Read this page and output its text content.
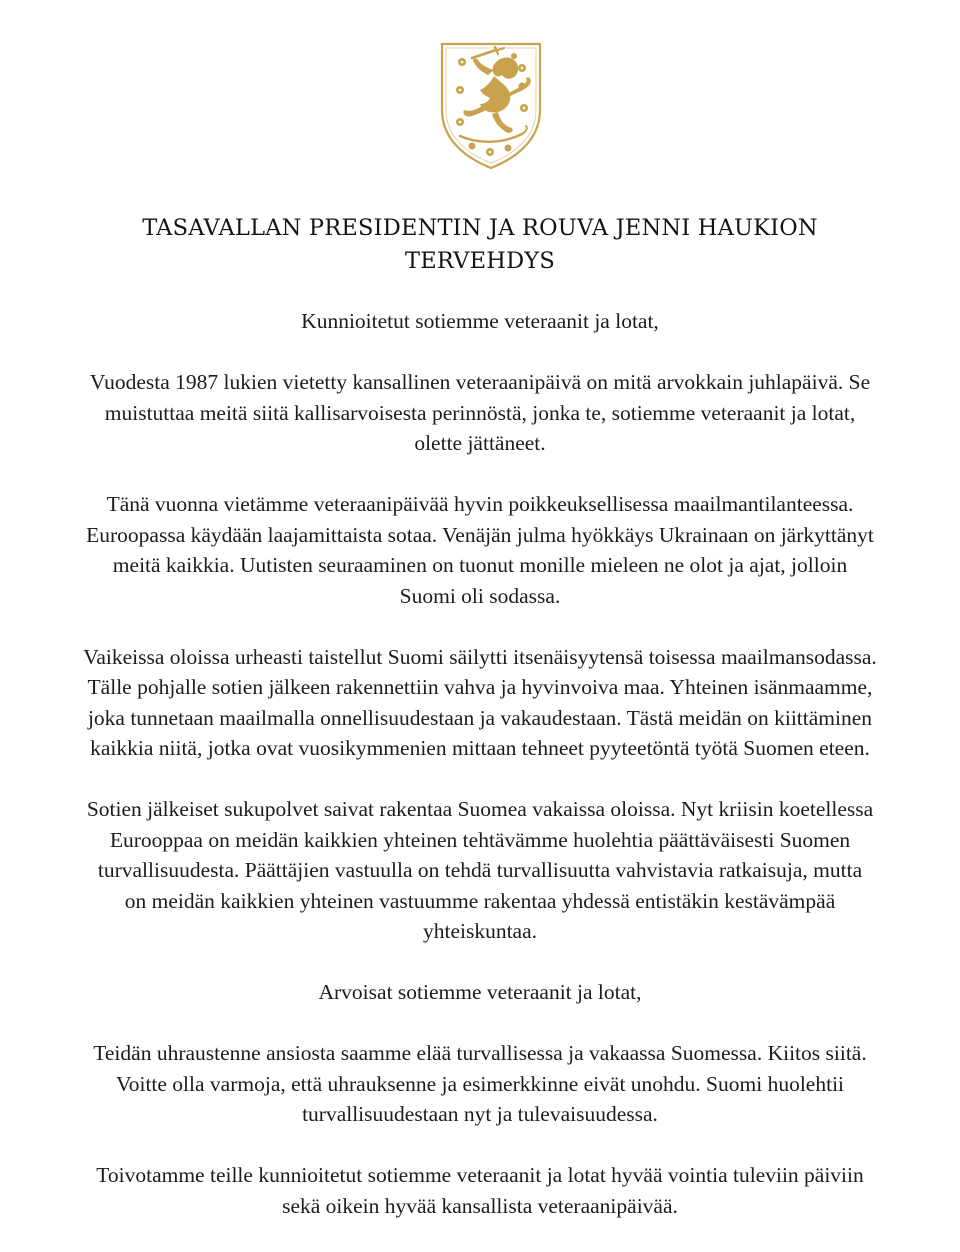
TASAVALLAN PRESIDENTIN JA ROUVA JENNI HAUKION
TERVEHDYS

Kunnioitetut sotiemme veteraanit ja lotat,

Vuodesta 1987 lukien vietetty kansallinen veteraanipäivä on mitä arvokkain juhlapäivä. Se
muistuttaa meitä siitä kallisarvoisesta perinnöstä, jonka te, sotiemme veteraanit ja lotat,
olette jättäneet.

Tänä vuonna vietämme veteraanipäivää hyvin poikkeuksellisessa maailmantilanteessa.
Euroopassa käydään laajamittaista sotaa. Venäjän julma hyökkäys Ukrainaan on järkyttänyt
meitä kaikkia. Uutisten seuraaminen on tuonut monille mieleen ne olot ja ajat, jolloin
Suomi oli sodassa.

Vaikeissa oloissa urheasti taistellut Suomi säilytti itsenäisyytensä toisessa maailmansodassa.
Tälle pohjalle sotien jälkeen rakennettiin vahva ja hyvinvoiva maa. Yhteinen isänmaamme,
joka tunnetaan maailmalla onnellisuudestaan ja vakaudestaan. Tästä meidän on kiittäminen
kaikkia niitä, jotka ovat vuosikymmenien mittaan tehneet pyyteetöntä työtä Suomen eteen.

Sotien jälkeiset sukupolvet saivat rakentaa Suomea vakaissa oloissa. Nyt kriisin koetellessa
Eurooppaa on meidän kaikkien yhteinen tehtävämme huolehtia päättäväisesti Suomen
turvallisuudesta. Päättäjien vastuulla on tehdä turvallisuutta vahvistavia ratkaisuja, mutta
on meidän kaikkien yhteinen vastuumme rakentaa yhdessä entistäkin kestävämpää
yhteiskuntaa.

Arvoisat sotiemme veteraanit ja lotat,

Teidän uhraustenne ansiosta saamme elää turvallisessa ja vakaassa Suomessa. Kiitos siitä.
Voitte olla varmoja, että uhrauksenne ja esimerkkinne eivät unohdu. Suomi huolehtii
turvallisuudestaan nyt ja tulevaisuudessa.

Toivotamme teille kunnioitetut sotiemme veteraanit ja lotat hyvää vointia tuleviin päiviin
sekä oikein hyvää kansallista veteraanipäivää.
